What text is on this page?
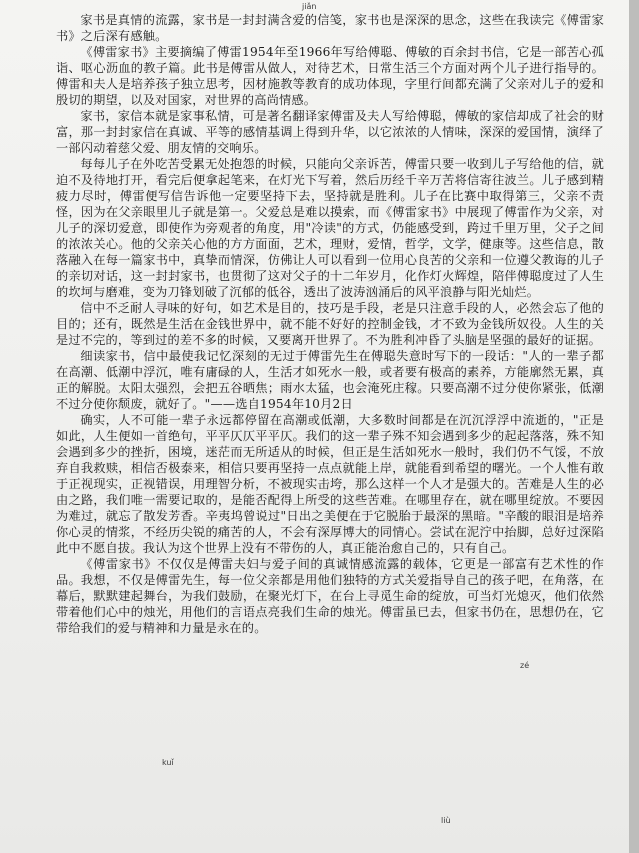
jiǎn
zé
kuǐ
liù

家书是真情的流露，家书是一封封满含爱的信笺，家书也是深深的思念，这些在我读完《傅雷家书》之后深有感触。

《傅雷家书》主要摘编了傅雷1954年至1966年写给傅聪、傅敏的百余封书信，它是一部苦心孤诣、呕心沥血的教子篇。此书是傅雷从做人，对待艺术，日常生活三个方面对两个儿子进行指导的。傅雷和夫人是培养孩子独立思考，因材施教等教育的成功体现，字里行间都充满了父亲对儿子的爱和殷切的期望，以及对国家，对世界的高尚情感。

家书，家信本就是家事私情，可是著名翻译家傅雷及夫人写给傅聪，傅敏的家信却成了社会的财富，那一封封家信在真诚、平等的感情基调上得到升华，以它浓浓的人情味，深深的爱国情，演绎了一部闪动着慈父爱、朋友情的交响乐。

每每儿子在外吃苦受累无处抱怨的时候，只能向父亲诉苦，傅雷只要一收到儿子写给他的信，就迫不及待地打开，看完后便拿起笔来，在灯光下写着，然后历经千辛万苦将信寄往波兰。儿子感到精疲力尽时，傅雷便写信告诉他一定要坚持下去，坚持就是胜利。儿子在比赛中取得第三，父亲不责怪，因为在父亲眼里儿子就是第一。父爱总是难以摸索，而《傅雷家书》中展现了傅雷作为父亲，对儿子的深切爱意，即使作为旁观者的角度，用"冷读"的方式，仍能感受到，跨过千里万里，父子之间的浓浓关心。他的父亲关心他的方方面面，艺术，理财，爱情，哲学，文学，健康等。这些信息，散落融入在每一篇家书中，真挚而情深，仿佛让人可以看到一位用心良苦的父亲和一位遵父教诲的儿子的亲切对话，这一封封家书，也贯彻了这对父子的十二年岁月，化作灯火辉煌，陪伴傅聪度过了人生的坎坷与磨难，变为刀锋划破了沉郁的低谷，透出了波涛汹涌后的风平浪静与阳光灿烂。

信中不乏耐人寻味的好句，如艺术是目的，技巧是手段，老是只注意手段的人，必然会忘了他的目的；还有，既然是生活在金钱世界中，就不能不好好的控制金钱，才不致为金钱所奴役。人生的关是过不完的，等到过的差不多的时候，又要离开世界了。不为胜利冲昏了头脑是坚强的最好的证据。

细读家书，信中最使我记忆深刻的无过于傅雷先生在傅聪失意时写下的一段话："人的一辈子都在高潮、低潮中浮沉，唯有庸碌的人，生活才如死水一般，或者要有极高的素养，方能廓然无累，真正的解脱。太阳太强烈，会把五谷晒焦；雨水太猛，也会淹死庄稼。只要高潮不过分使你紧张，低潮不过分使你颓废，就好了。"——选自1954年10月2日

确实，人不可能一辈子永远都停留在高潮或低潮，大多数时间都是在沉沉浮浮中流逝的，"正是如此，人生便如一首绝句，平平仄仄平平仄。我们的这一辈子殊不知会遇到多少的起起落落，殊不知会遇到多少的挫折，困境，迷茫而无所适从的时候，但正是生活如死水一般时，我们仍不气馁，不放弃自我救赎，相信否极泰来，相信只要再坚持一点点就能上岸，就能看到希望的曙光。一个人惟有敢于正视现实，正视错误，用理智分析，不被现实击垮，那么这样一个人才是强大的。苦难是人生的必由之路，我们唯一需要记取的，是能否配得上所受的这些苦难。在哪里存在，就在哪里绽放。不要因为难过，就忘了散发芳香。辛夷坞曾说过"日出之美便在于它脱胎于最深的黑暗。"辛酸的眼泪是培养你心灵的情浆，不经历尖锐的痛苦的人，不会有深厚博大的同情心。尝试在泥泞中抬脚，总好过深陷此中不愿自拔。我认为这个世界上没有不带伤的人，真正能治愈自己的，只有自己。

《傅雷家书》不仅仅是傅雷夫妇与爱子间的真诚情感流露的载体，它更是一部富有艺术性的作品。我想，不仅是傅雷先生，每一位父亲都是用他们独特的方式关爱指导自己的孩子吧，在角落，在幕后，默默建起舞台，为我们鼓励，在聚光灯下，在台上寻觅生命的绽放，可当灯光熄灭，他们依然带着他们心中的烛光，用他们的言语点亮我们生命的烛光。傅雷虽已去，但家书仍在，思想仍在，它带给我们的爱与精神和力量是永在的。
